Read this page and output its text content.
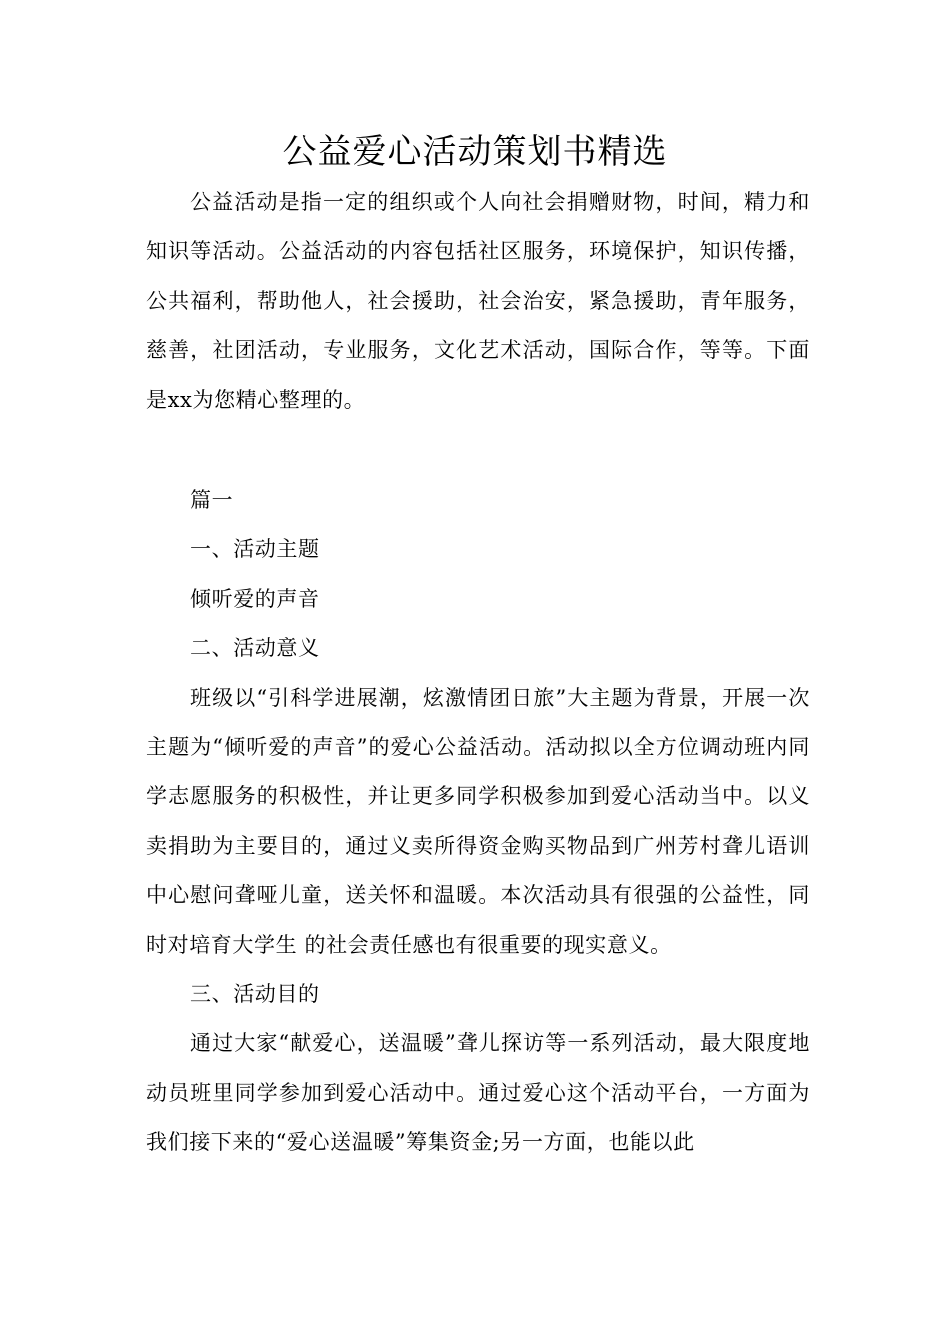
公益爱心活动策划书精选

公益活动是指一定的组织或个人向社会捐赠财物，时间，精力和知识等活动。公益活动的内容包括社区服务，环境保护，知识传播，公共福利，帮助他人，社会援助，社会治安，紧急援助，青年服务，慈善，社团活动，专业服务，文化艺术活动，国际合作，等等。下面是xx为您精心整理的。

篇一

一、活动主题

倾听爱的声音

二、活动意义

班级以“引科学进展潮，炫激情团日旅”大主题为背景，开展一次主题为“倾听爱的声音”的爱心公益活动。活动拟以全方位调动班内同学志愿服务的积极性，并让更多同学积极参加到爱心活动当中。以义卖捐助为主要目的，通过义卖所得资金购买物品到广州芳村聋儿语训中心慰问聋哑儿童，送关怀和温暖。本次活动具有很强的公益性，同时对培育大学生 的社会责任感也有很重要的现实意义。

三、活动目的

通过大家“献爱心，送温暖”聋儿探访等一系列活动，最大限度地动员班里同学参加到爱心活动中。通过爱心这个活动平台，一方面为我们接下来的“爱心送温暖”筹集资金;另一方面，也能以此
